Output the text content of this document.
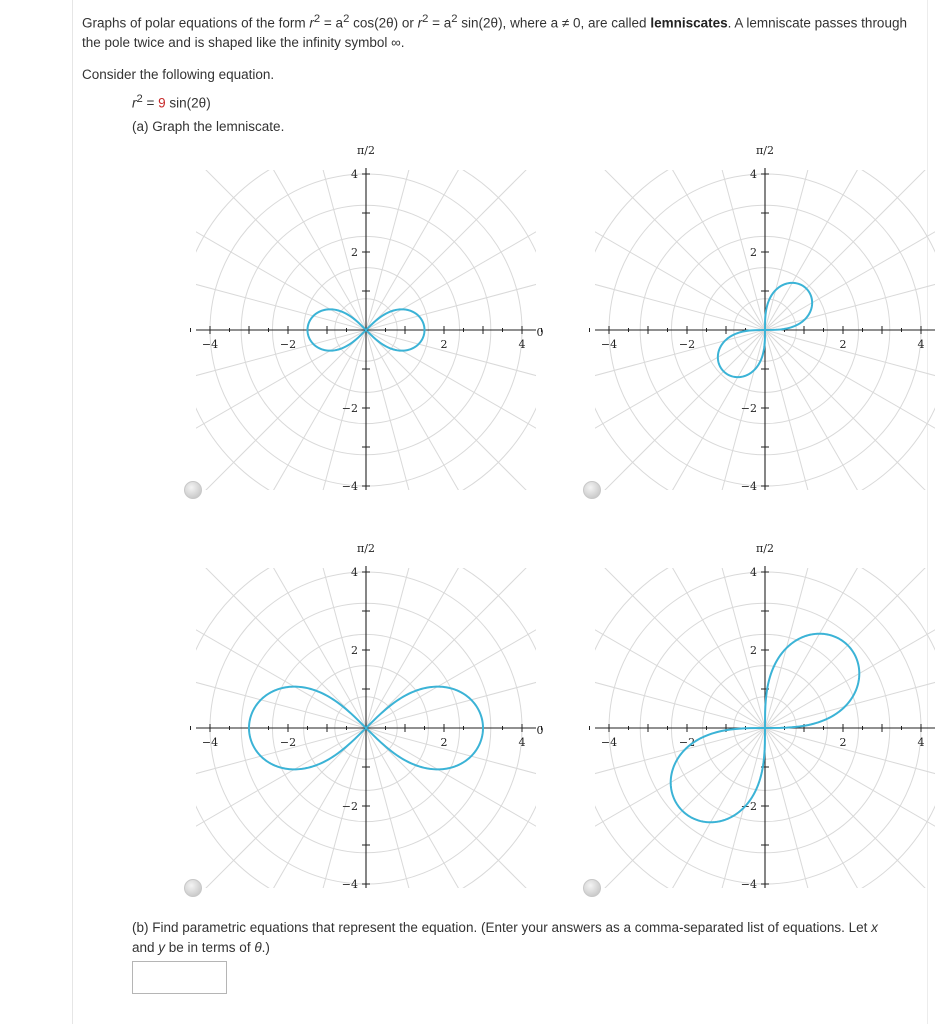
Graphs of polar equations of the form $r^2 = a^2$ cos(2θ) or $r^2 = a^2$ sin(2θ), where a ≠ 0, are called lemniscates. A lemniscate passes through the pole twice and is shaped like the infinity symbol ∞.
Consider the following equation.
$r^2 = 9$ sin(2θ)
(a) Graph the lemniscate.
π/2
4
2
−2
−4
−4	−2	2	4
0
π/2
4
2
−2
−4
−4	−2	2	4
π/2
4
2
−2
−4
−4	−2	2	4
0
π/2
4
2
−2
−4
−4	−2	2	4
(b) Find parametric equations that represent the equation. (Enter your answers as a comma-separated list of equations. Let x and y be in terms of θ.)
